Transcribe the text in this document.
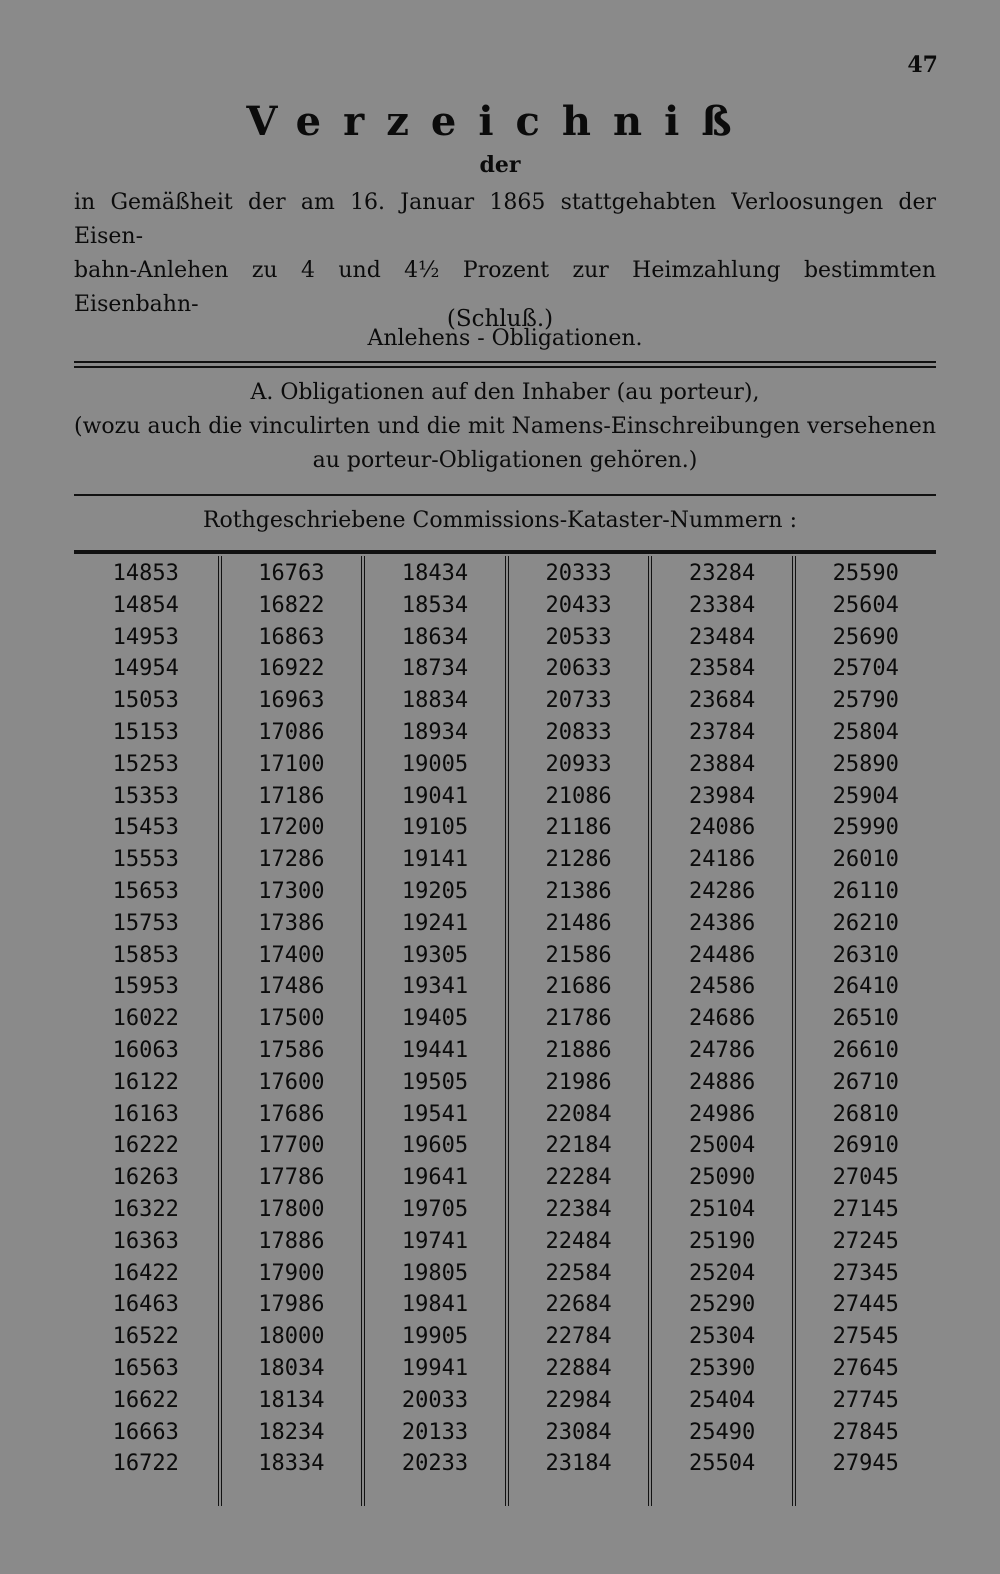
47
Verzeichniß
der
in Gemäßheit der am 16. Januar 1865 stattgehabten Verloosungen der Eisen-
bahn-Anlehen zu 4 und 4½ Prozent zur Heimzahlung bestimmten Eisenbahn-
Anlehens - Obligationen.
(Schluß.)
A. Obligationen auf den Inhaber (au porteur),
(wozu auch die vinculirten und die mit Namens-Einschreibungen versehenen
au porteur-Obligationen gehören.)
Rothgeschriebene Commissions-Kataster-Nummern :
14853
14854
14953
14954
15053
15153
15253
15353
15453
15553
15653
15753
15853
15953
16022
16063
16122
16163
16222
16263
16322
16363
16422
16463
16522
16563
16622
16663
16722
16763
16822
16863
16922
16963
17086
17100
17186
17200
17286
17300
17386
17400
17486
17500
17586
17600
17686
17700
17786
17800
17886
17900
17986
18000
18034
18134
18234
18334
18434
18534
18634
18734
18834
18934
19005
19041
19105
19141
19205
19241
19305
19341
19405
19441
19505
19541
19605
19641
19705
19741
19805
19841
19905
19941
20033
20133
20233
20333
20433
20533
20633
20733
20833
20933
21086
21186
21286
21386
21486
21586
21686
21786
21886
21986
22084
22184
22284
22384
22484
22584
22684
22784
22884
22984
23084
23184
23284
23384
23484
23584
23684
23784
23884
23984
24086
24186
24286
24386
24486
24586
24686
24786
24886
24986
25004
25090
25104
25190
25204
25290
25304
25390
25404
25490
25504
25590
25604
25690
25704
25790
25804
25890
25904
25990
26010
26110
26210
26310
26410
26510
26610
26710
26810
26910
27045
27145
27245
27345
27445
27545
27645
27745
27845
27945
